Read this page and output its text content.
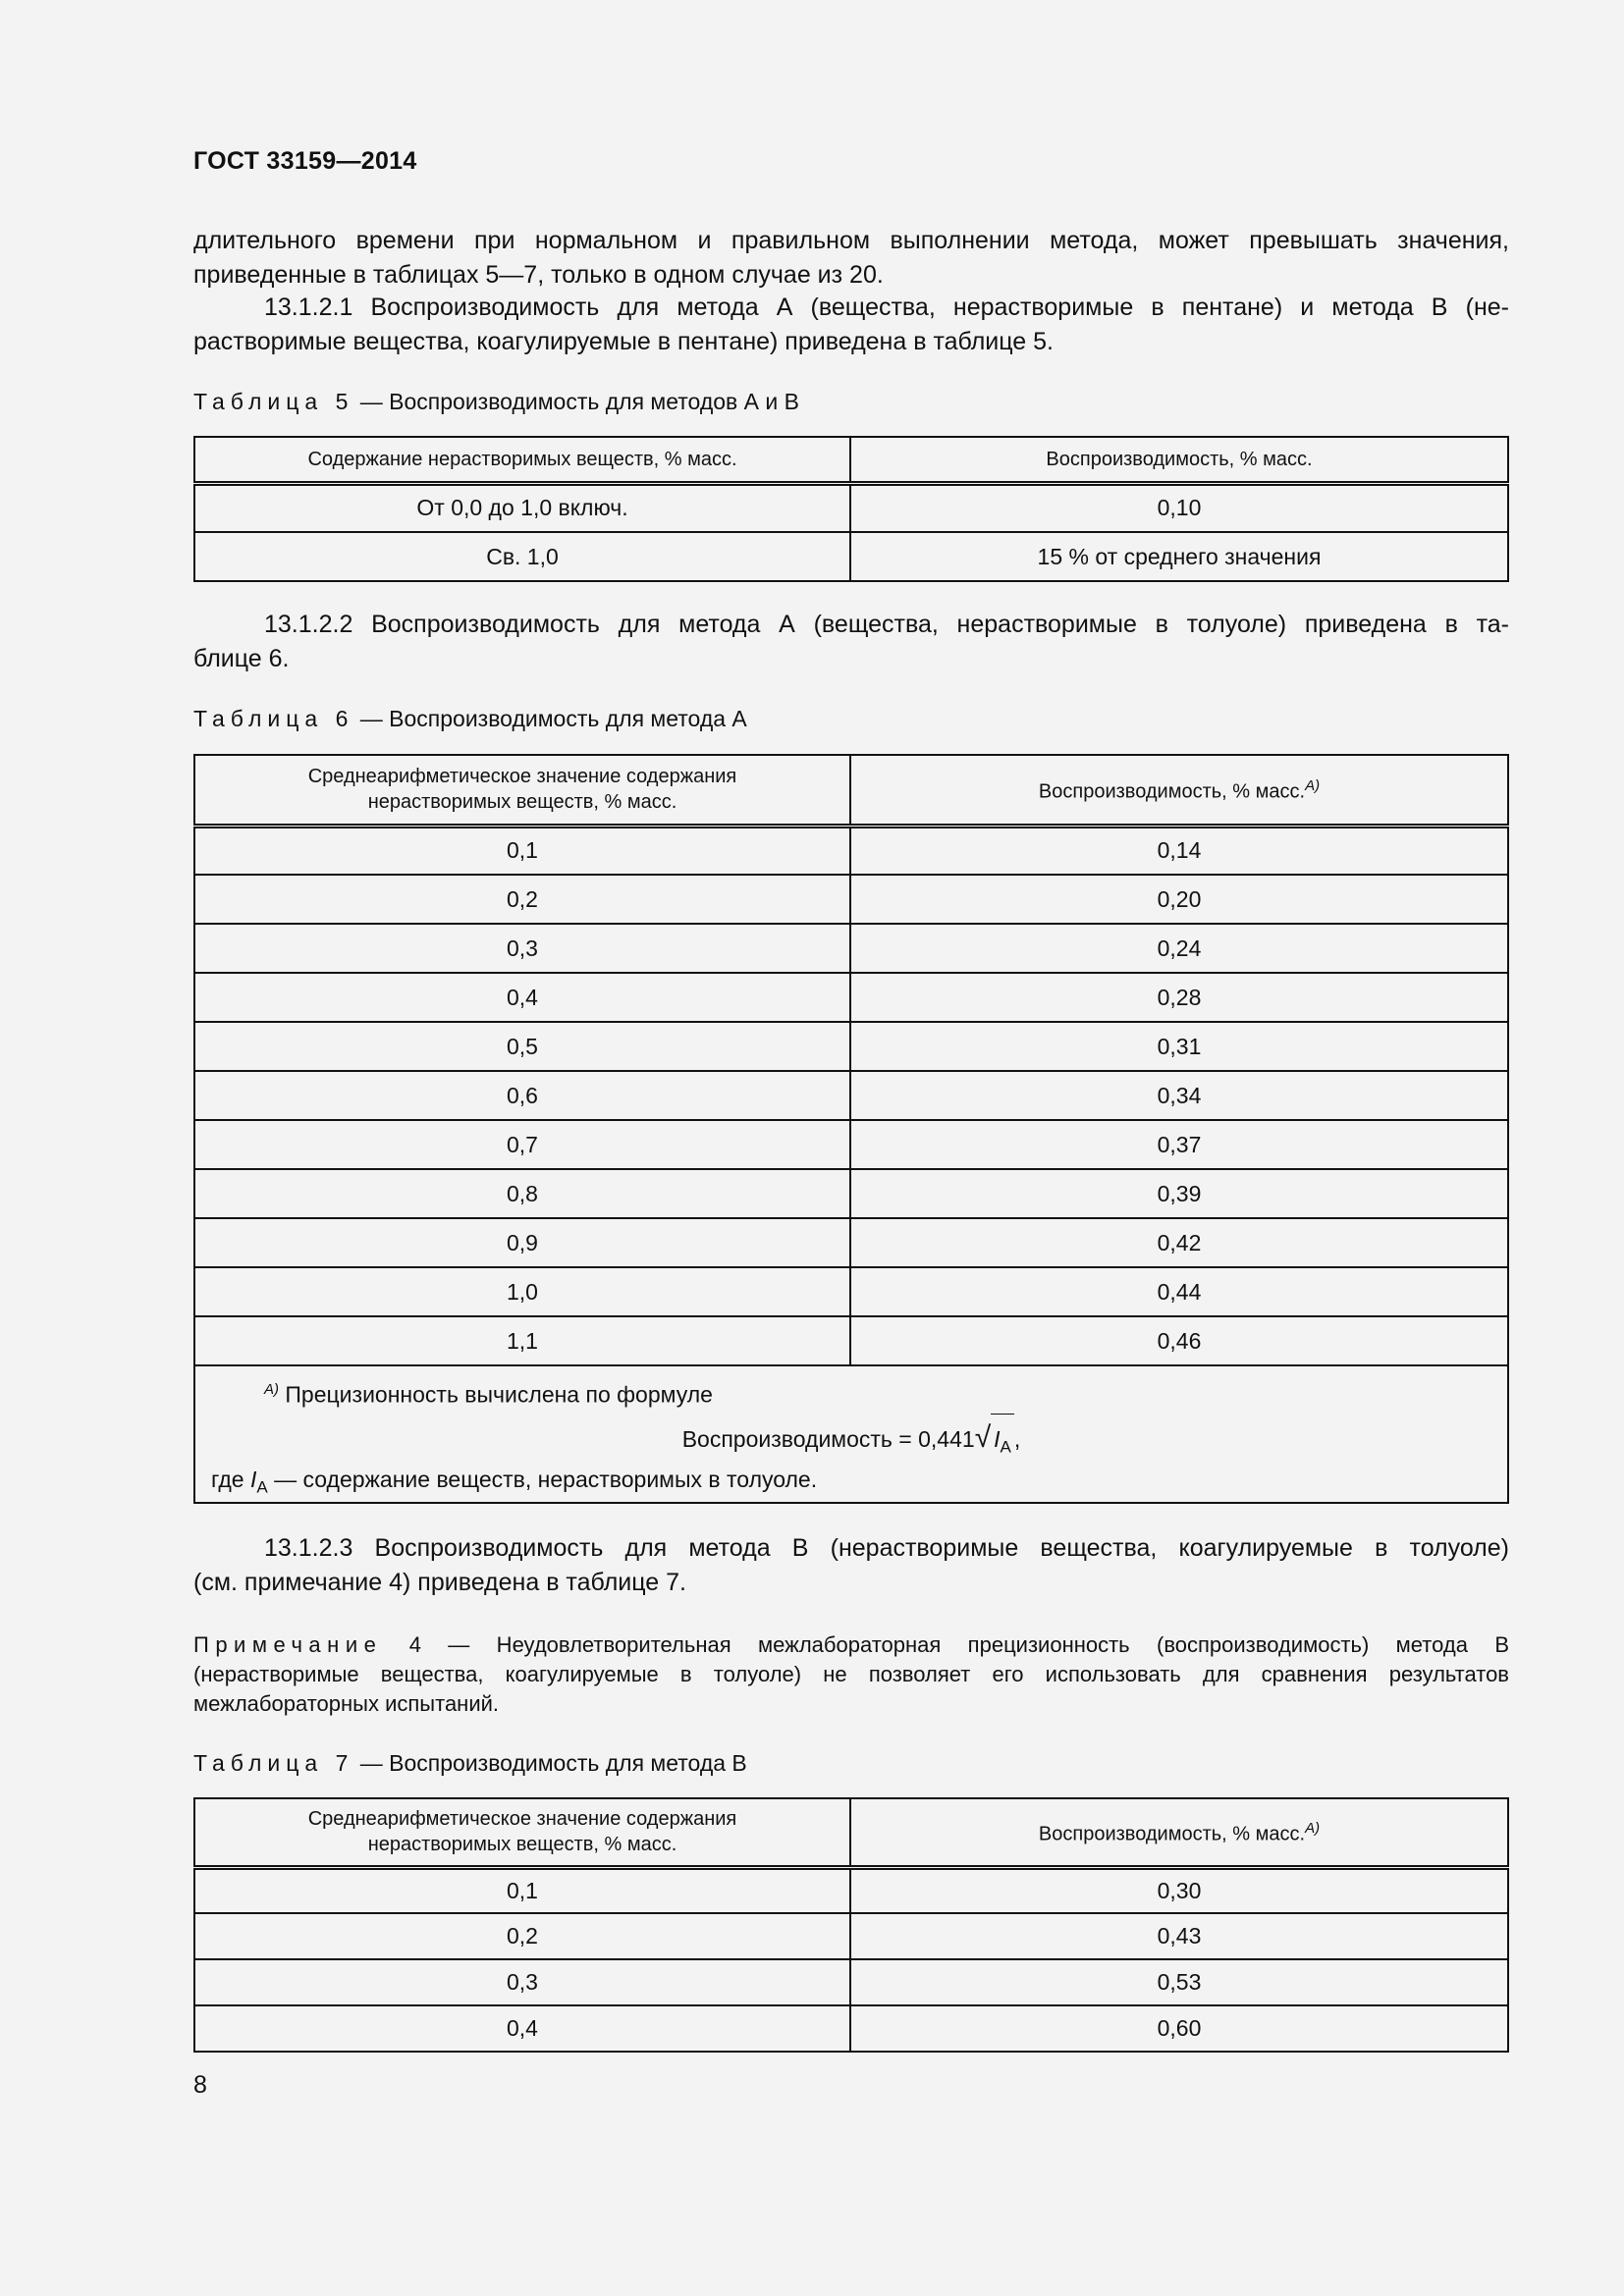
ГОСТ 33159—2014
длительного времени при нормальном и правильном выполнении метода, может превышать значения,
приведенные в таблицах 5—7, только в одном случае из 20.
13.1.2.1 Воспроизводимость для метода А (вещества, нерастворимые в пентане) и метода В (не-
растворимые вещества, коагулируемые в пентане) приведена в таблице 5.
Таблица 5 — Воспроизводимость для методов А и В
Содержание нерастворимых веществ, % масс.	Воспроизводимость, % масс.
От 0,0 до 1,0 включ.	0,10
Св. 1,0	15 % от среднего значения
13.1.2.2 Воспроизводимость для метода А (вещества, нерастворимые в толуоле) приведена в та-
блице 6.
Таблица 6 — Воспроизводимость для метода А
Среднеарифметическое значение содержания
нерастворимых веществ, % масс.	Воспроизводимость, % масс.$^{А)}$
0,1	0,14
0,2	0,20
0,3	0,24
0,4	0,28
0,5	0,31
0,6	0,34
0,7	0,37
0,8	0,39
0,9	0,42
1,0	0,44
1,1	0,46

$^{А)}$ Прецизионность вычислена по формуле
Воспроизводимость = 0,441√ $I_А$ ,
где $I_А$ — содержание веществ, нерастворимых в толуоле.	
13.1.2.3 Воспроизводимость для метода В (нерастворимые вещества, коагулируемые в толуоле)
(см. примечание 4) приведена в таблице 7.
Примечание 4 — Неудовлетворительная межлабораторная прецизионность (воспроизводимость) метода В
(нерастворимые вещества, коагулируемые в толуоле) не позволяет его использовать для сравнения результатов
межлабораторных испытаний.
Таблица 7 — Воспроизводимость для метода В
Среднеарифметическое значение содержания
нерастворимых веществ, % масс.	Воспроизводимость, % масс.$^{А)}$
0,1	0,30
0,2	0,43
0,3	0,53
0,4	0,60
8
